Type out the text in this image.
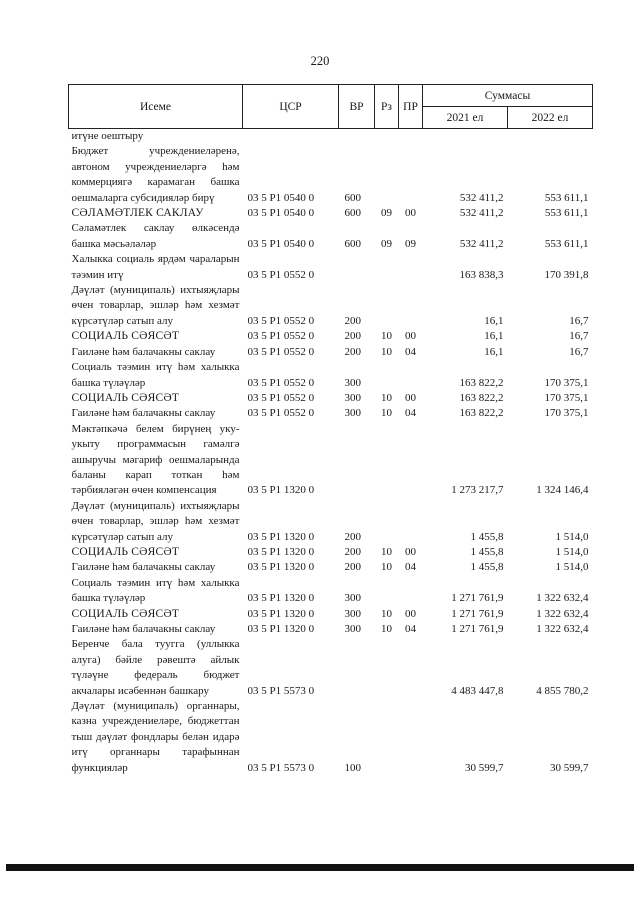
220
Исеме	ЦСР	ВР	Рз	ПР	Суммасы	
					2021 ел	2022 ел
итүне оештыру						
Бюджет учреждениеләренә, автоном учреждениеләргә һәм коммерциягә карамаган башка оешмаларга субсидияләр бирү	03 5 P1 0540 0	600			532 411,2	553 611,1
СӘЛАМӘТЛЕК САКЛАУ	03 5 P1 0540 0	600	09	00	532 411,2	553 611,1
Сәламәтлек саклау өлкәсендә башка мәсьәләләр	03 5 P1 0540 0	600	09	09	532 411,2	553 611,1
Халыкка социаль ярдәм чараларын тәэмин итү	03 5 P1 0552 0				163 838,3	170 391,8
Дәүләт (муниципаль) ихтыяҗлары өчен товарлар, эшләр һәм хезмәт күрсәтүләр сатып алу	03 5 P1 0552 0	200			16,1	16,7
СОЦИАЛЬ СӘЯСӘТ	03 5 P1 0552 0	200	10	00	16,1	16,7
Гаиләне һәм балачакны саклау	03 5 P1 0552 0	200	10	04	16,1	16,7
Социаль тәэмин итү һәм халыкка башка түләүләр	03 5 P1 0552 0	300			163 822,2	170 375,1
СОЦИАЛЬ СӘЯСӘТ	03 5 P1 0552 0	300	10	00	163 822,2	170 375,1
Гаиләне һәм балачакны саклау	03 5 P1 0552 0	300	10	04	163 822,2	170 375,1
Мәктәпкәчә белем бирүнең уку-укыту программасын гамәлгә ашыручы мәгариф оешмаларында баланы карап тоткан һәм тәрбияләгән өчен компенсация	03 5 P1 1320 0				1 273 217,7	1 324 146,4
Дәүләт (муниципаль) ихтыяҗлары өчен товарлар, эшләр һәм хезмәт күрсәтүләр сатып алу	03 5 P1 1320 0	200			1 455,8	1 514,0
СОЦИАЛЬ СӘЯСӘТ	03 5 P1 1320 0	200	10	00	1 455,8	1 514,0
Гаиләне һәм балачакны саклау	03 5 P1 1320 0	200	10	04	1 455,8	1 514,0
Социаль тәэмин итү һәм халыкка башка түләүләр	03 5 P1 1320 0	300			1 271 761,9	1 322 632,4
СОЦИАЛЬ СӘЯСӘТ	03 5 P1 1320 0	300	10	00	1 271 761,9	1 322 632,4
Гаиләне һәм балачакны саклау	03 5 P1 1320 0	300	10	04	1 271 761,9	1 322 632,4
Беренче бала туугга (уллыкка алуга) бәйле рәвештә айлык түләүне федераль бюджет акчалары исәбеннән башкару	03 5 P1 5573 0				4 483 447,8	4 855 780,2
Дәүләт (муниципаль) органнары, казна учреждениеләре, бюджеттан тыш дәүләт фондлары белән идарә итү органнары тарафыннан функцияләр	03 5 P1 5573 0	100			30 599,7	30 599,7
